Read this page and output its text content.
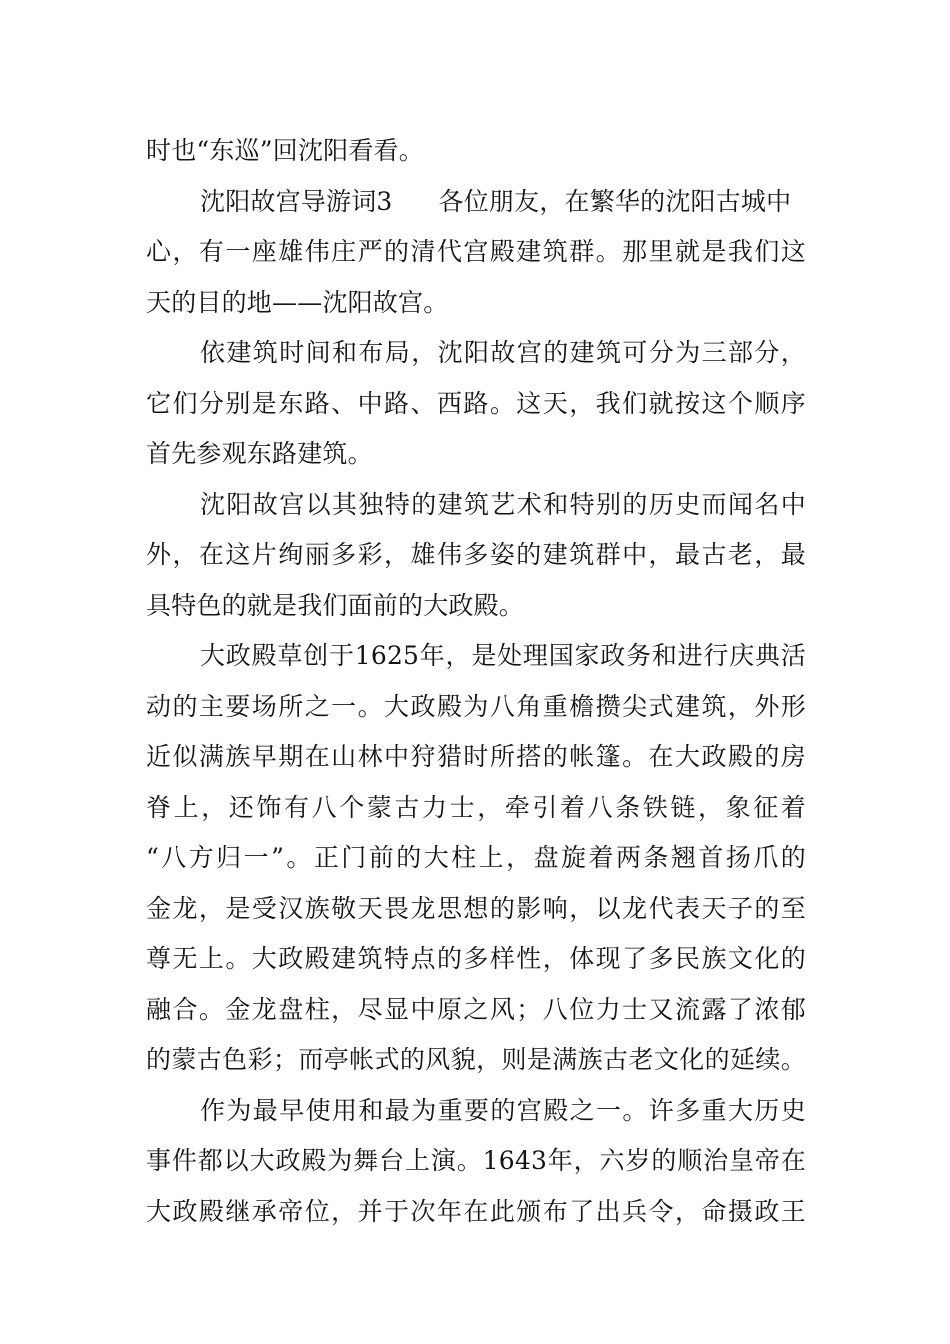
时也“东巡”回沈阳看看。
沈阳故宫导游词3 各位朋友，在繁华的沈阳古城中
心，有一座雄伟庄严的清代宫殿建筑群。那里就是我们这
天的目的地——沈阳故宫。
依建筑时间和布局，沈阳故宫的建筑可分为三部分，
它们分别是东路、中路、西路。这天，我们就按这个顺序
首先参观东路建筑。
沈阳故宫以其独特的建筑艺术和特别的历史而闻名中
外，在这片绚丽多彩，雄伟多姿的建筑群中，最古老，最
具特色的就是我们面前的大政殿。
大政殿草创于1625年，是处理国家政务和进行庆典活
动的主要场所之一。大政殿为八角重檐攒尖式建筑，外形
近似满族早期在山林中狩猎时所搭的帐篷。在大政殿的房
脊上，还饰有八个蒙古力士，牵引着八条铁链，象征着
“八方归一”。正门前的大柱上，盘旋着两条翘首扬爪的
金龙，是受汉族敬天畏龙思想的影响，以龙代表天子的至
尊无上。大政殿建筑特点的多样性，体现了多民族文化的
融合。金龙盘柱，尽显中原之风；八位力士又流露了浓郁
的蒙古色彩；而亭帐式的风貌，则是满族古老文化的延续。
作为最早使用和最为重要的宫殿之一。许多重大历史
事件都以大政殿为舞台上演。1643年，六岁的顺治皇帝在
大政殿继承帝位，并于次年在此颁布了出兵令，命摄政王
